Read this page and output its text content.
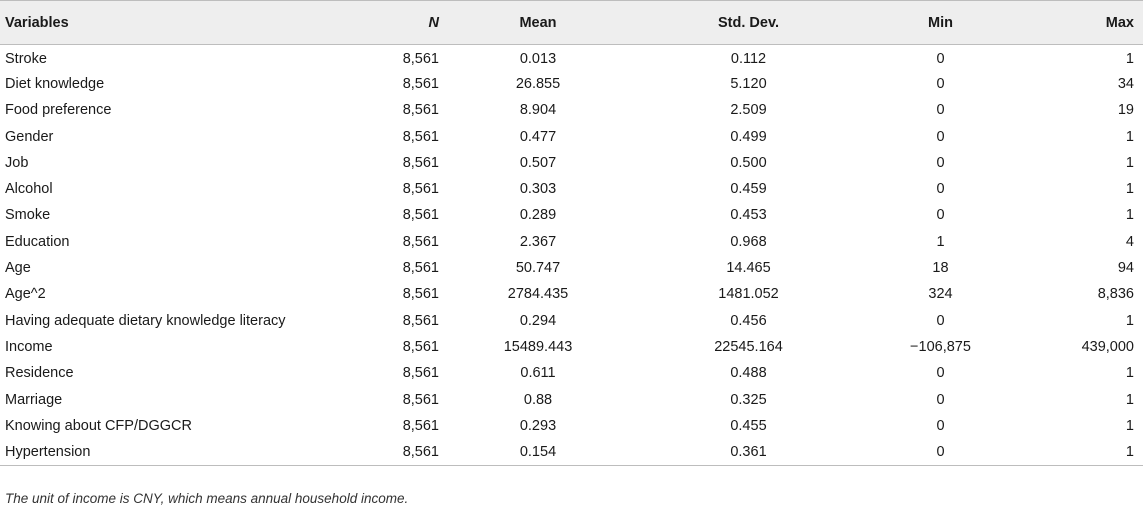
Variables	N	Mean	Std. Dev.	Min	Max
Stroke	8,561	0.013	0.112	0	1
Diet knowledge	8,561	26.855	5.120	0	34
Food preference	8,561	8.904	2.509	0	19
Gender	8,561	0.477	0.499	0	1
Job	8,561	0.507	0.500	0	1
Alcohol	8,561	0.303	0.459	0	1
Smoke	8,561	0.289	0.453	0	1
Education	8,561	2.367	0.968	1	4
Age	8,561	50.747	14.465	18	94
Age^2	8,561	2784.435	1481.052	324	8,836
Having adequate dietary knowledge literacy	8,561	0.294	0.456	0	1
Income	8,561	15489.443	22545.164	−106,875	439,000
Residence	8,561	0.611	0.488	0	1
Marriage	8,561	0.88	0.325	0	1
Knowing about CFP/DGGCR	8,561	0.293	0.455	0	1
Hypertension	8,561	0.154	0.361	0	1
The unit of income is CNY, which means annual household income.
